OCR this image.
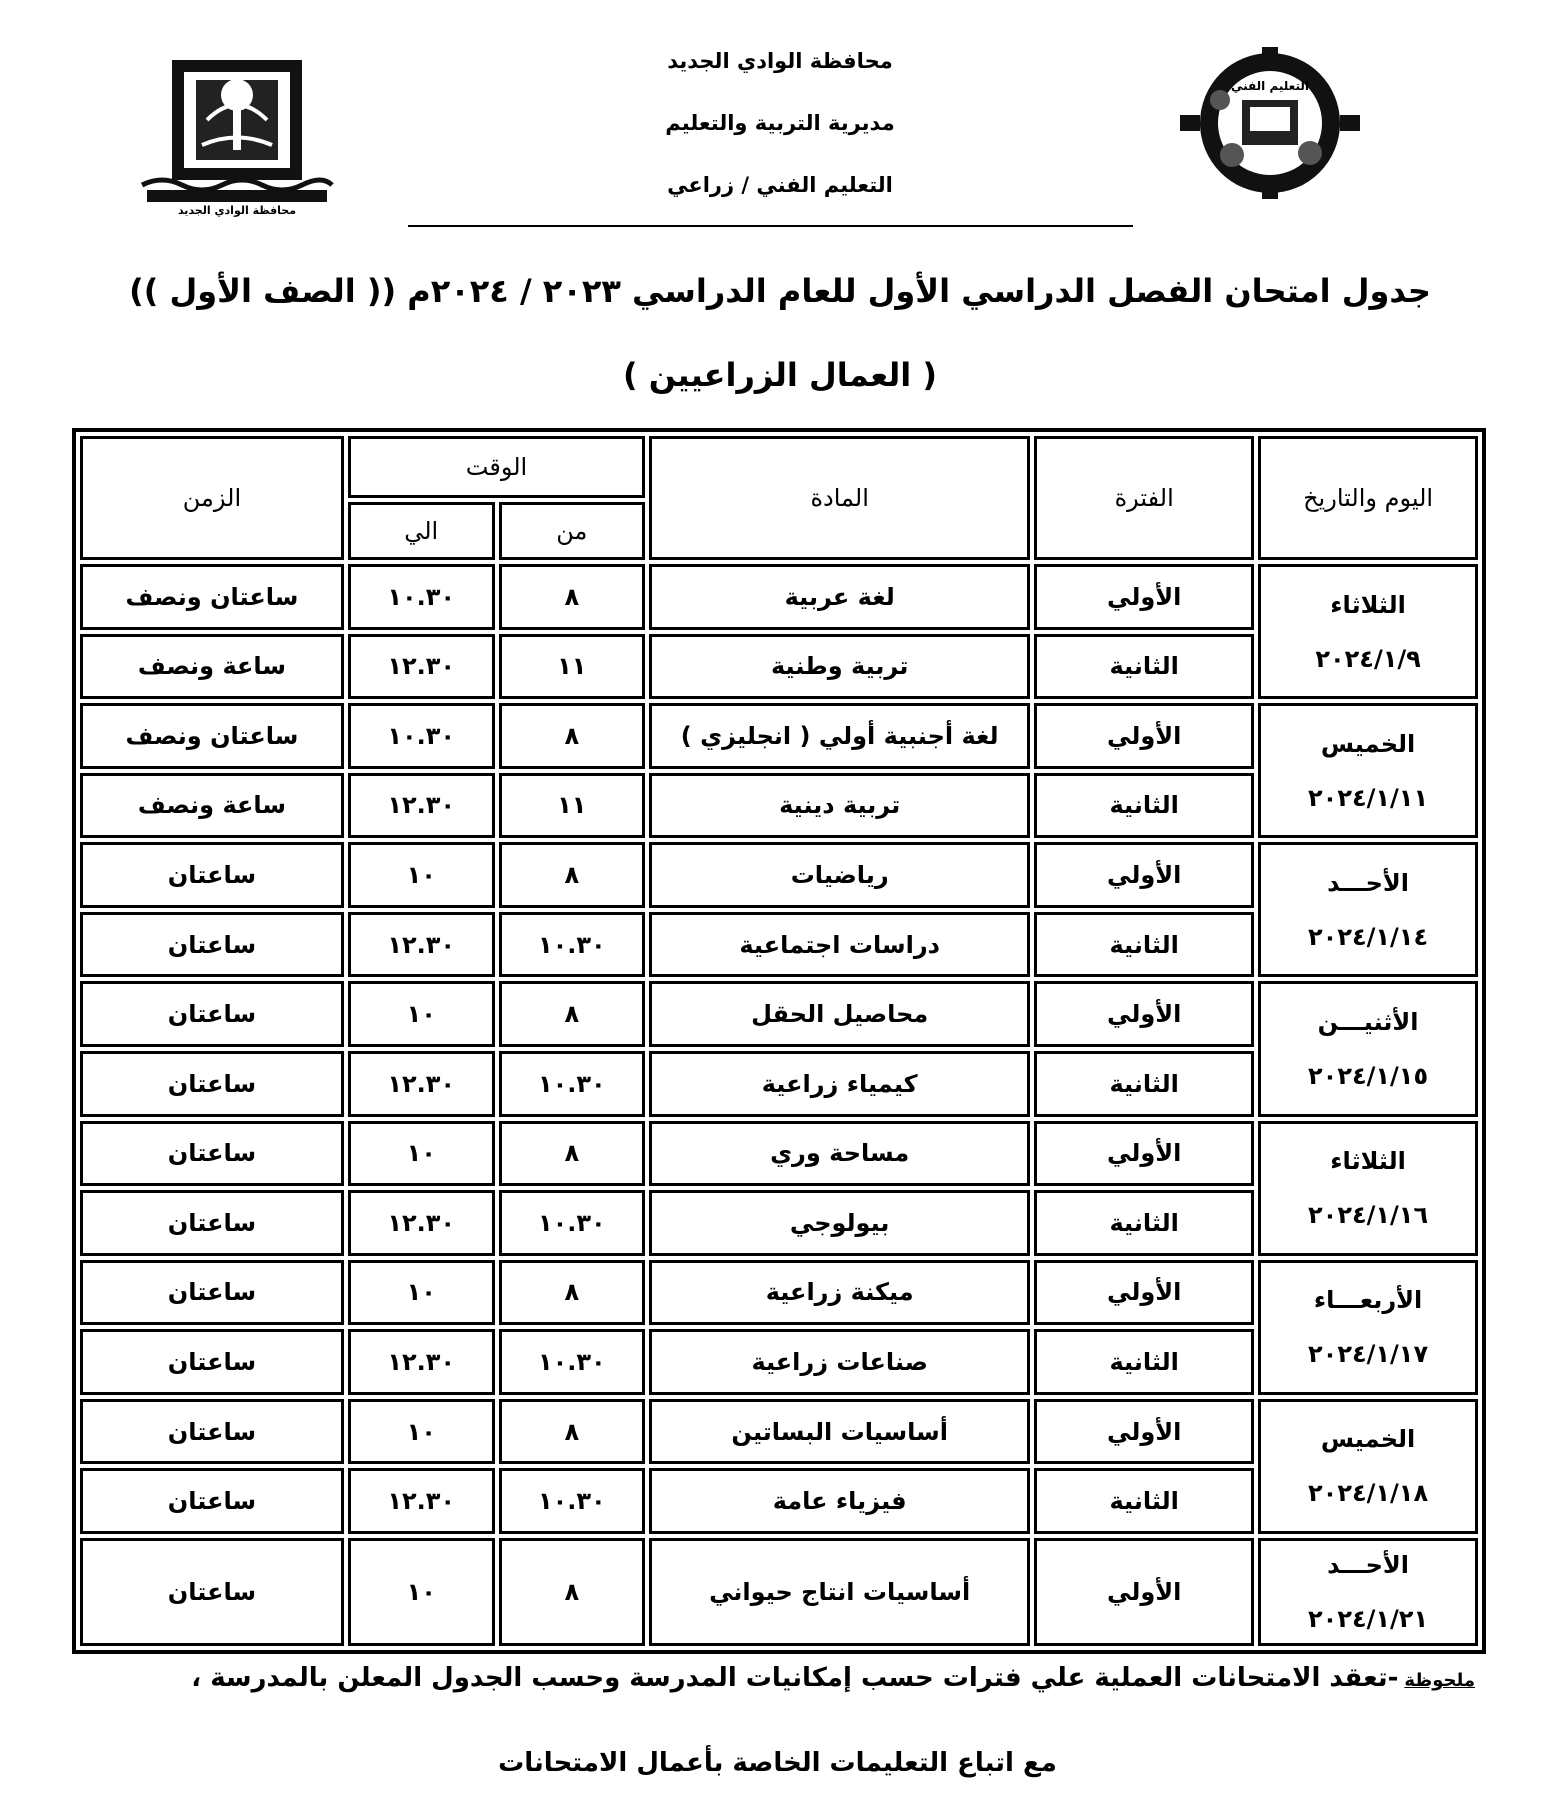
محافظة الوادي الجديد
مديرية التربية والتعليم
التعليم الفني / زراعي
محافظة الوادي الجديد
التعليم الفني
جدول امتحان الفصل الدراسي الأول للعام الدراسي ٢٠٢٣ / ٢٠٢٤م (( الصف الأول ))
( العمال الزراعيين )
اليوم والتاريخ	الفترة	المادة	الوقت		الزمن
			من	الي	

الثلاثاء
٢٠٢٤/١/٩	الأولي	لغة عربية	٨	١٠.٣٠	ساعتان ونصف
	الثانية	تربية وطنية	١١	١٢.٣٠	ساعة ونصف

الخميس
٢٠٢٤/١/١١	الأولي	لغة أجنبية أولي ( انجليزي )	٨	١٠.٣٠	ساعتان ونصف
	الثانية	تربية دينية	١١	١٢.٣٠	ساعة ونصف

الأحـــد
٢٠٢٤/١/١٤	الأولي	رياضيات	٨	١٠	ساعتان
	الثانية	دراسات اجتماعية	١٠.٣٠	١٢.٣٠	ساعتان

الأثنيـــن
٢٠٢٤/١/١٥	الأولي	محاصيل الحقل	٨	١٠	ساعتان
	الثانية	كيمياء زراعية	١٠.٣٠	١٢.٣٠	ساعتان

الثلاثاء
٢٠٢٤/١/١٦	الأولي	مساحة وري	٨	١٠	ساعتان
	الثانية	بيولوجي	١٠.٣٠	١٢.٣٠	ساعتان

الأربعـــاء
٢٠٢٤/١/١٧	الأولي	ميكنة زراعية	٨	١٠	ساعتان
	الثانية	صناعات زراعية	١٠.٣٠	١٢.٣٠	ساعتان

الخميس
٢٠٢٤/١/١٨	الأولي	أساسيات البساتين	٨	١٠	ساعتان
	الثانية	فيزياء عامة	١٠.٣٠	١٢.٣٠	ساعتان

الأحـــد
٢٠٢٤/١/٢١	الأولي	أساسيات انتاج حيواني	٨	١٠	ساعتان
ملحوظة-تعقد الامتحانات العملية علي فترات حسب إمكانيات المدرسة وحسب الجدول المعلن بالمدرسة ،
مع اتباع التعليمات الخاصة بأعمال الامتحانات
